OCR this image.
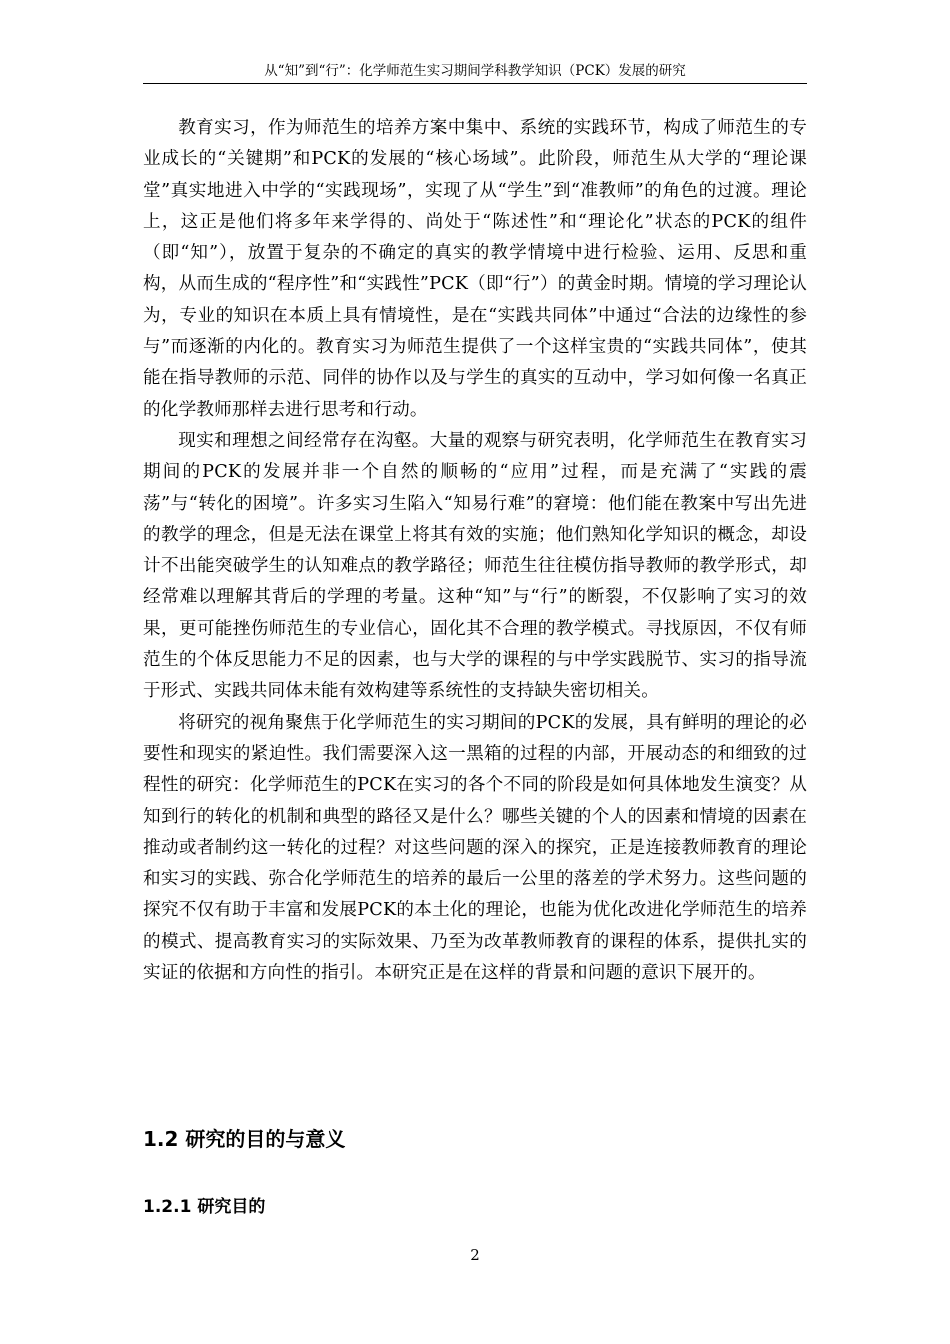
从“知”到“行”：化学师范生实习期间学科教学知识（PCK）发展的研究

教育实习，作为师范生的培养方案中集中、系统的实践环节，构成了师范生的专业成长的“关键期”和PCK的发展的“核心场域”。此阶段，师范生从大学的“理论课堂”真实地进入中学的“实践现场”，实现了从“学生”到“准教师”的角色的过渡。理论上，这正是他们将多年来学得的、尚处于“陈述性”和“理论化”状态的PCK的组件（即“知”），放置于复杂的不确定的真实的教学情境中进行检验、运用、反思和重构，从而生成的“程序性”和“实践性”PCK（即“行”）的黄金时期。情境的学习理论认为，专业的知识在本质上具有情境性，是在“实践共同体”中通过“合法的边缘性的参与”而逐渐的内化的。教育实习为师范生提供了一个这样宝贵的“实践共同体”，使其能在指导教师的示范、同伴的协作以及与学生的真实的互动中，学习如何像一名真正的化学教师那样去进行思考和行动。

现实和理想之间经常存在沟壑。大量的观察与研究表明，化学师范生在教育实习期间的PCK的发展并非一个自然的顺畅的“应用”过程，而是充满了“实践的震荡”与“转化的困境”。许多实习生陷入“知易行难”的窘境：他们能在教案中写出先进的教学的理念，但是无法在课堂上将其有效的实施；他们熟知化学知识的概念，却设计不出能突破学生的认知难点的教学路径；师范生往往模仿指导教师的教学形式，却经常难以理解其背后的学理的考量。这种“知”与“行”的断裂，不仅影响了实习的效果，更可能挫伤师范生的专业信心，固化其不合理的教学模式。寻找原因，不仅有师范生的个体反思能力不足的因素，也与大学的课程的与中学实践脱节、实习的指导流于形式、实践共同体未能有效构建等系统性的支持缺失密切相关。

将研究的视角聚焦于化学师范生的实习期间的PCK的发展，具有鲜明的理论的必要性和现实的紧迫性。我们需要深入这一黑箱的过程的内部，开展动态的和细致的过程性的研究：化学师范生的PCK在实习的各个不同的阶段是如何具体地发生演变？从知到行的转化的机制和典型的路径又是什么？哪些关键的个人的因素和情境的因素在推动或者制约这一转化的过程？对这些问题的深入的探究，正是连接教师教育的理论和实习的实践、弥合化学师范生的培养的最后一公里的落差的学术努力。这些问题的探究不仅有助于丰富和发展PCK的本土化的理论，也能为优化改进化学师范生的培养的模式、提高教育实习的实际效果、乃至为改革教师教育的课程的体系，提供扎实的实证的依据和方向性的指引。本研究正是在这样的背景和问题的意识下展开的。

1.2 研究的目的与意义
1.2.1 研究目的
2
